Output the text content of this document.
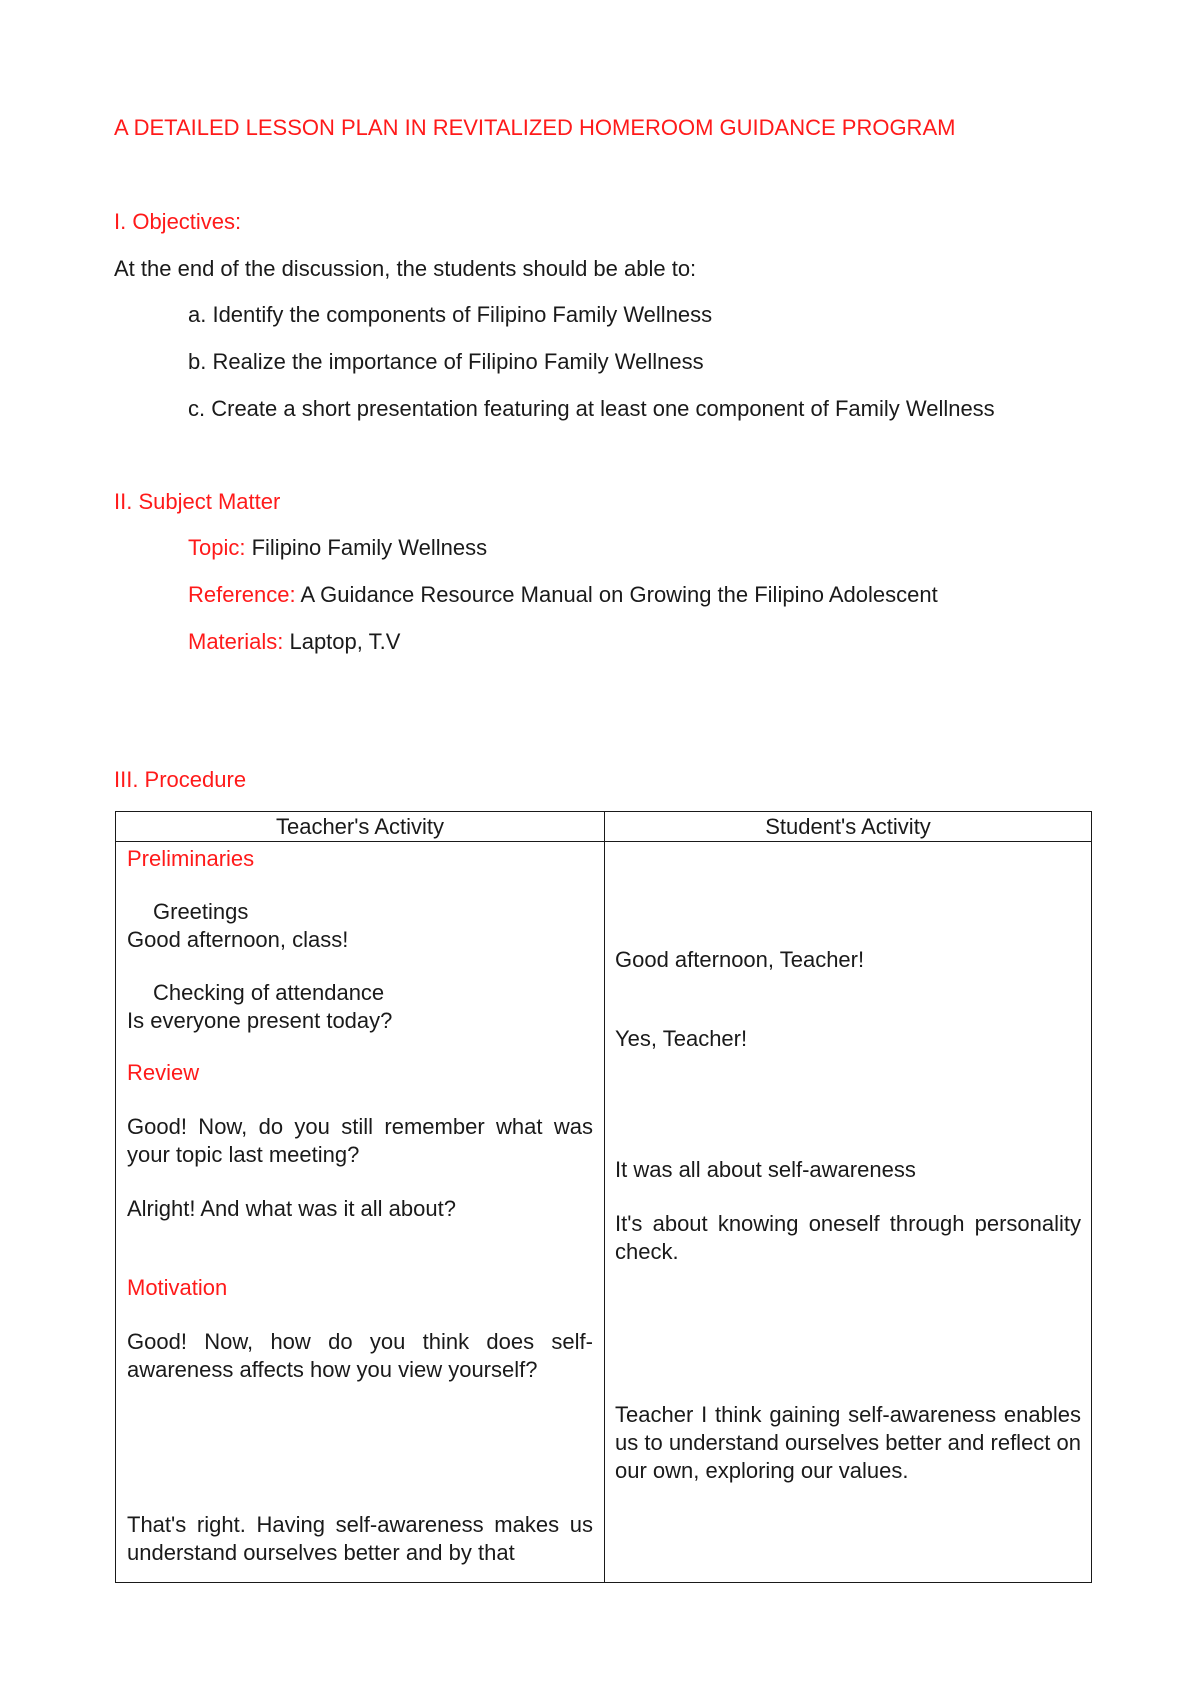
A DETAILED LESSON PLAN IN REVITALIZED HOMEROOM GUIDANCE PROGRAM
I. Objectives:
At the end of the discussion, the students should be able to:
a. Identify the components of Filipino Family Wellness
b. Realize the importance of Filipino Family Wellness
c. Create a short presentation featuring at least one component of Family Wellness
II. Subject Matter
Topic: Filipino Family Wellness
Reference: A Guidance Resource Manual on Growing the Filipino Adolescent
Materials: Laptop, T.V
III. Procedure
Teacher's Activity	Student's Activity
Preliminaries
Greetings
Good afternoon, class!
Checking of attendance
Is everyone present today?
Review
Good! Now, do you still remember what was your topic last meeting?
Alright! And what was it all about?
Motivation
Good! Now, how do you think does self-awareness affects how you view yourself?
That's right. Having self-awareness makes us understand ourselves better and by that
Good afternoon, Teacher!
Yes, Teacher!
It was all about self-awareness
It's about knowing oneself through personality check.
Teacher I think gaining self-awareness enables us to understand ourselves better and reflect on our own, exploring our values.
